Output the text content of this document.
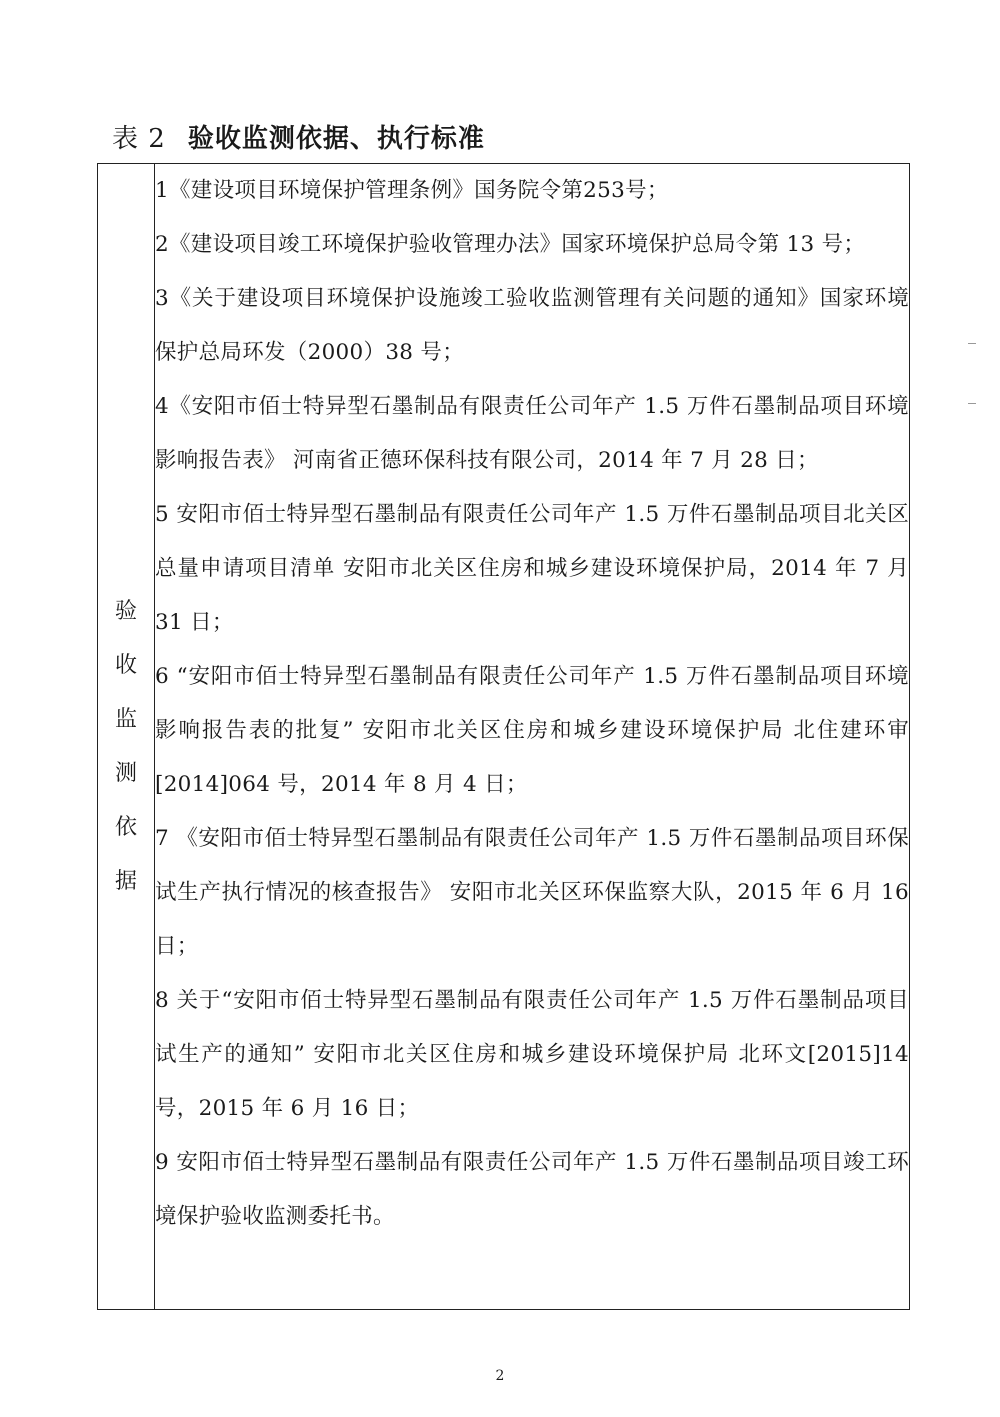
表 2 验收监测依据、执行标准
验收监测依据	

1《建设项目环境保护管理条例》国务院令第253号；

2《建设项目竣工环境保护验收管理办法》国家环境保护总局令第 13 号；

3《关于建设项目环境保护设施竣工验收监测管理有关问题的通知》国家环境保护总局环发（2000）38 号；

4《安阳市佰士特异型石墨制品有限责任公司年产 1.5 万件石墨制品项目环境影响报告表》 河南省正德环保科技有限公司，2014 年 7 月 28 日；

5 安阳市佰士特异型石墨制品有限责任公司年产 1.5 万件石墨制品项目北关区总量申请项目清单 安阳市北关区住房和城乡建设环境保护局，2014 年 7 月 31 日；

6 “安阳市佰士特异型石墨制品有限责任公司年产 1.5 万件石墨制品项目环境影响报告表的批复” 安阳市北关区住房和城乡建设环境保护局 北住建环审[2014]064 号，2014 年 8 月 4 日；

7 《安阳市佰士特异型石墨制品有限责任公司年产 1.5 万件石墨制品项目环保试生产执行情况的核查报告》 安阳市北关区环保监察大队，2015 年 6 月 16 日；

8 关于“安阳市佰士特异型石墨制品有限责任公司年产 1.5 万件石墨制品项目试生产的通知” 安阳市北关区住房和城乡建设环境保护局 北环文[2015]14 号，2015 年 6 月 16 日；

9 安阳市佰士特异型石墨制品有限责任公司年产 1.5 万件石墨制品项目竣工环境保护验收监测委托书。

2
